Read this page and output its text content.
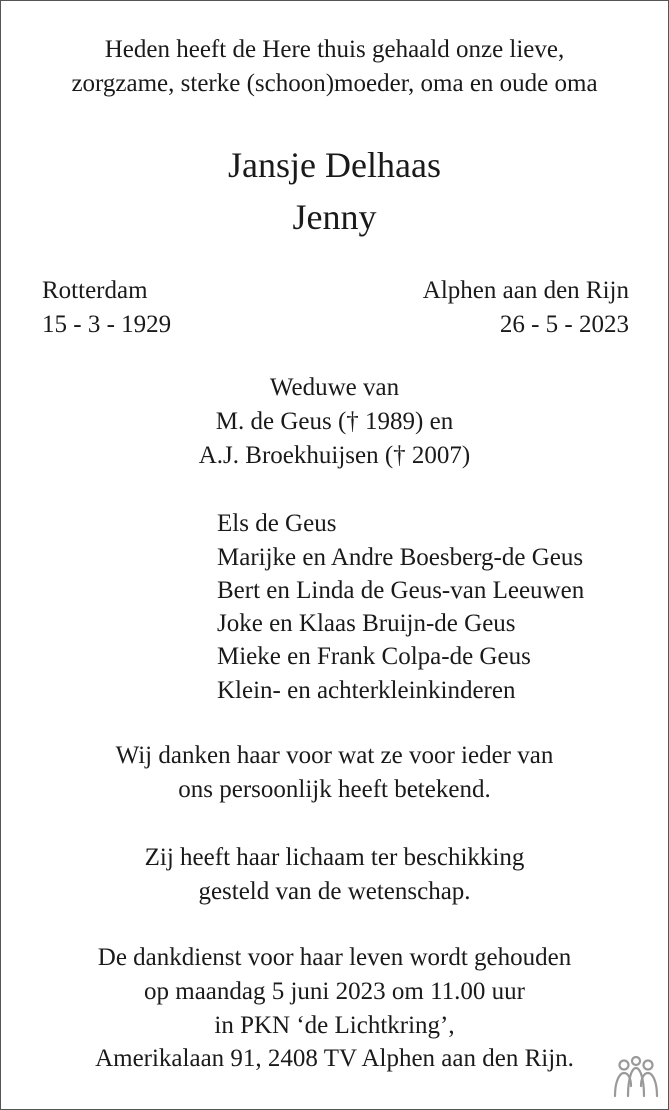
Heden heeft de Here thuis gehaald onze lieve,
zorgzame, sterke (schoon)moeder, oma en oude oma
Jansje Delhaas
Jenny
Rotterdam
15 - 3 - 1929
Alphen aan den Rijn
26 - 5 - 2023
Weduwe van
M. de Geus († 1989) en
A.J. Broekhuijsen († 2007)
Els de Geus
Marijke en Andre Boesberg-de Geus
Bert en Linda de Geus-van Leeuwen
Joke en Klaas Bruijn-de Geus
Mieke en Frank Colpa-de Geus
Klein- en achterkleinkinderen
Wij danken haar voor wat ze voor ieder van
ons persoonlijk heeft betekend.
Zij heeft haar lichaam ter beschikking
gesteld van de wetenschap.
De dankdienst voor haar leven wordt gehouden
op maandag 5 juni 2023 om 11.00 uur
in PKN ‘de Lichtkring’,
Amerikalaan 91, 2408 TV Alphen aan den Rijn.
